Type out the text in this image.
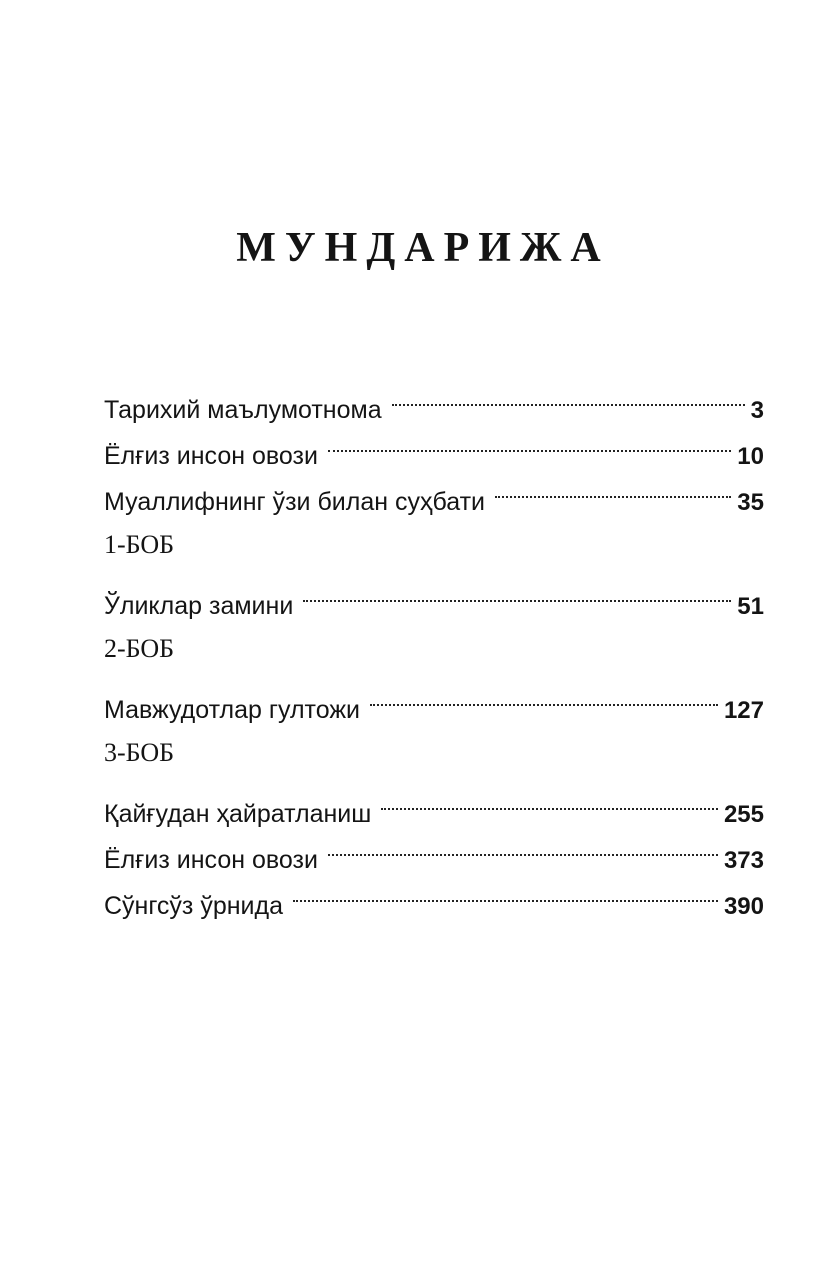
МУНДАРИЖА
Тарихий маълумотнома	3
Ёлғиз инсон овози	10
Муаллифнинг ўзи билан суҳбати	35
1-БОБ
Ўликлар замини	51
2-БОБ
Мавжудотлар гултожи	127
3-БОБ
Қайғудан ҳайратланиш	255
Ёлғиз инсон овози	373
Сўнгсўз ўрнида	390
